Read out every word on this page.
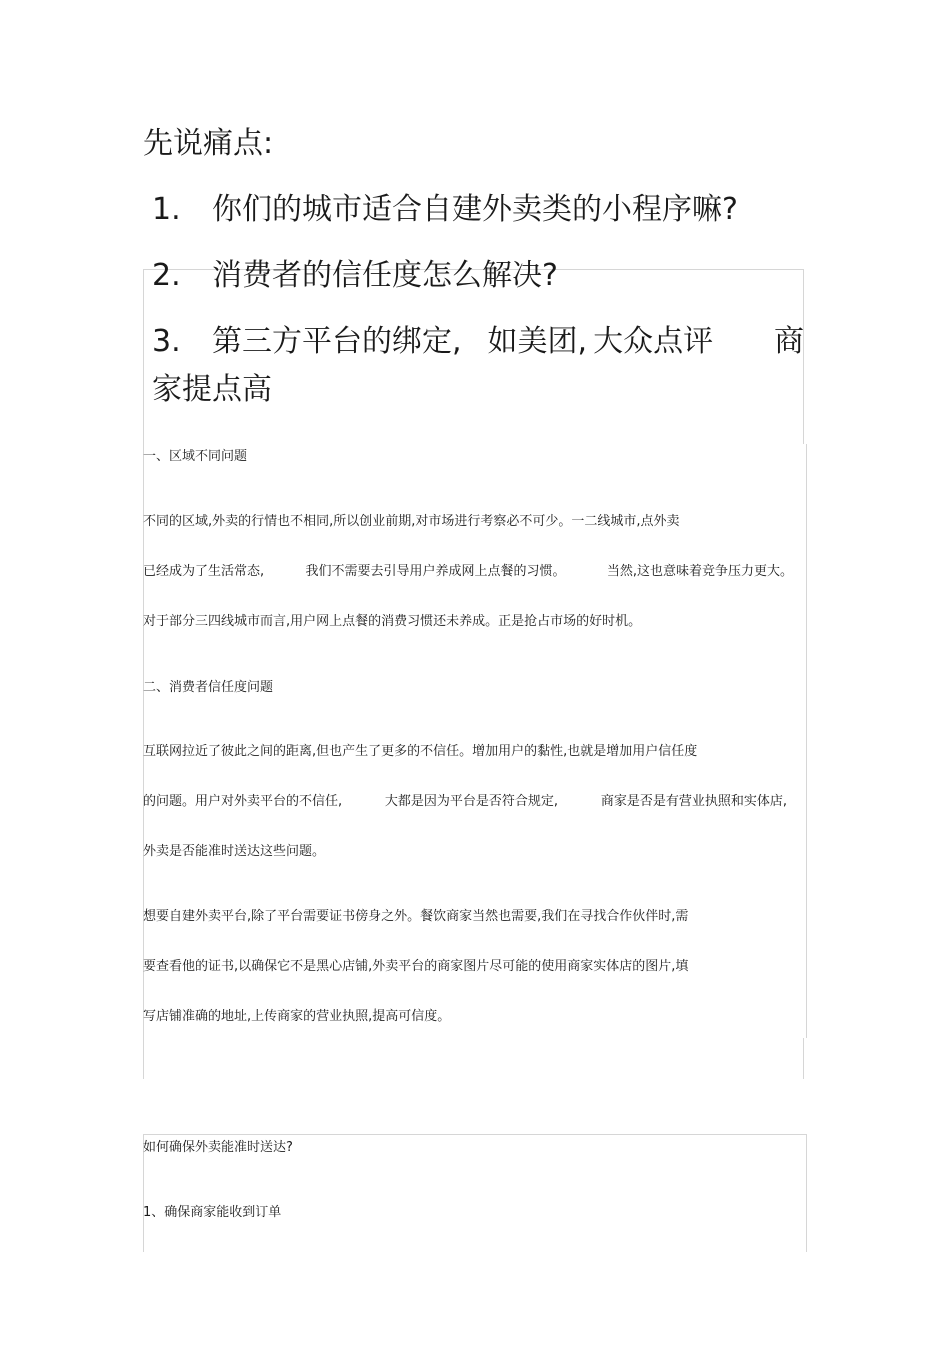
先说痛点:
1. 你们的城市适合自建外卖类的小程序嘛?
2. 消费者的信任度怎么解决?
3. 第三方平台的绑定, 如美团, 大众点评 商
家提点高
一、区域不同问题
不同的区域,外卖的行情也不相同,所以创业前期,对市场进行考察必不可少。一二线城市,点外卖
已经成为了生活常态,	我们不需要去引导用户养成网上点餐的习惯。	当然,这也意味着竞争压力更大。
对于部分三四线城市而言,用户网上点餐的消费习惯还未养成。正是抢占市场的好时机。
二、消费者信任度问题
互联网拉近了彼此之间的距离,但也产生了更多的不信任。增加用户的黏性,也就是增加用户信任度
的问题。用户对外卖平台的不信任,	大都是因为平台是否符合规定,	商家是否是有营业执照和实体店,
外卖是否能准时送达这些问题。
想要自建外卖平台,除了平台需要证书傍身之外。餐饮商家当然也需要,我们在寻找合作伙伴时,需
要查看他的证书,以确保它不是黑心店铺,外卖平台的商家图片尽可能的使用商家实体店的图片,填
写店铺准确的地址,上传商家的营业执照,提高可信度。
如何确保外卖能准时送达?
1、确保商家能收到订单
